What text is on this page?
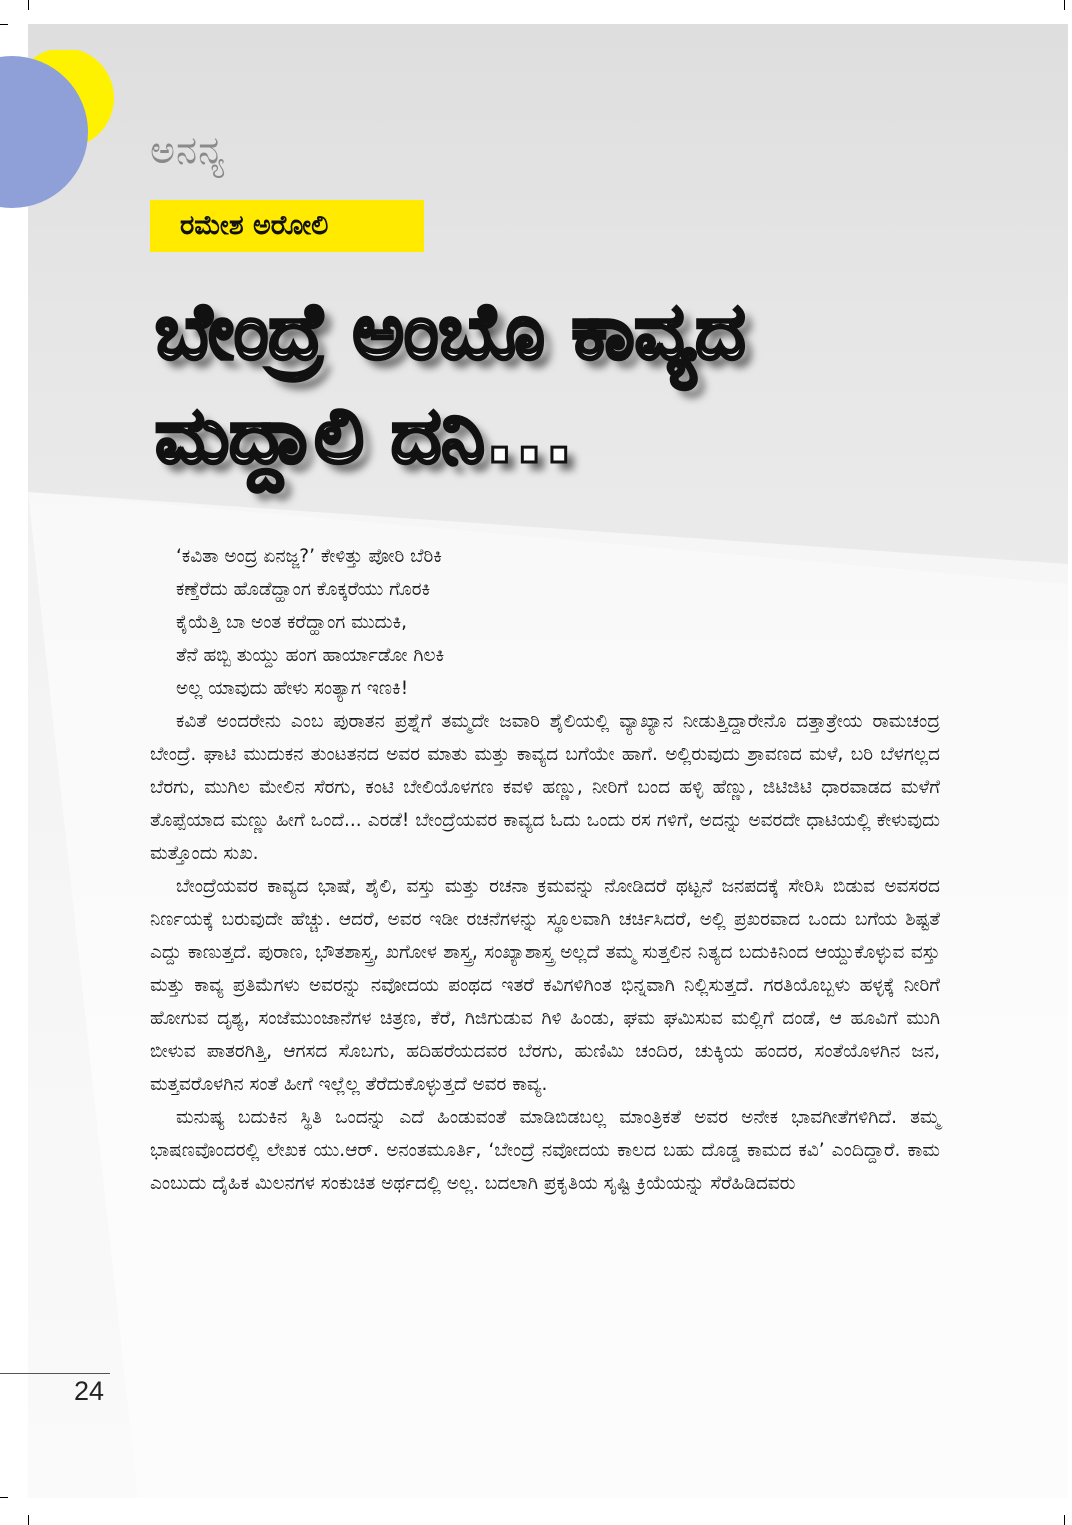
ಅನನ್ಯ
ರಮೇಶ ಅರೋಲಿ
ಬೇಂದ್ರೆ ಅಂಬೊ ಕಾವ್ಯದ
ಮದ್ದಾಲಿ ದನಿ...

‘ಕವಿತಾ ಅಂದ್ರ ಏನಜ್ಜ?’ ಕೇಳಿತ್ತು ಪೋರಿ ಬೆರಿಕಿ

ಕಣ್ತೆರೆದು ಹೊಡೆದ್ಹಾಂಗ ಕೊಕ್ಕರೆಯು ಗೊರಕಿ

ಕೈಯೆತ್ತಿ ಬಾ ಅಂತ ಕರೆದ್ಹಾಂಗ ಮುದುಕಿ,

ತೆನೆ ಹಬ್ಬಿ ತುಯ್ದು ಹಂಗ ಹಾರ್ಯಾಡೋ ಗಿಲಕಿ

ಅಲ್ಲ ಯಾವುದು ಹೇಳು ಸಂತ್ಯಾಗ ಇಣಕಿ!

ಕವಿತೆ ಅಂದರೇನು ಎಂಬ ಪುರಾತನ ಪ್ರಶ್ನೆಗೆ ತಮ್ಮದೇ ಜವಾರಿ ಶೈಲಿಯಲ್ಲಿ ವ್ಯಾಖ್ಯಾನ ನೀಡುತ್ತಿದ್ದಾರೇನೊ ದತ್ತಾತ್ರೇಯ ರಾಮಚಂದ್ರ ಬೇಂದ್ರೆ. ಘಾಟಿ ಮುದುಕನ ತುಂಟತನದ ಅವರ ಮಾತು ಮತ್ತು ಕಾವ್ಯದ ಬಗೆಯೇ ಹಾಗೆ. ಅಲ್ಲಿರುವುದು ಶ್ರಾವಣದ ಮಳೆ, ಬರಿ ಬೆಳಗಲ್ಲದ ಬೆರಗು, ಮುಗಿಲ ಮೇಲಿನ ಸೆರಗು, ಕಂಟಿ ಬೇಲಿಯೊಳಗಣ ಕವಳಿ ಹಣ್ಣು, ನೀರಿಗೆ ಬಂದ ಹಳ್ಳಿ ಹೆಣ್ಣು, ಜಿಟಿಜಿಟಿ ಧಾರವಾಡದ ಮಳೆಗೆ ತೊಪ್ಪೆಯಾದ ಮಣ್ಣು ಹೀಗೆ ಒಂದೆ... ಎರಡೆ! ಬೇಂದ್ರೆಯವರ ಕಾವ್ಯದ ಓದು ಒಂದು ರಸ ಗಳಿಗೆ, ಅದನ್ನು ಅವರದೇ ಧಾಟಿಯಲ್ಲಿ ಕೇಳುವುದು ಮತ್ತೊಂದು ಸುಖ.

ಬೇಂದ್ರೆಯವರ ಕಾವ್ಯದ ಭಾಷೆ, ಶೈಲಿ, ವಸ್ತು ಮತ್ತು ರಚನಾ ಕ್ರಮವನ್ನು ನೋಡಿದರೆ ಥಟ್ಟನೆ ಜನಪದಕ್ಕೆ ಸೇರಿಸಿ ಬಿಡುವ ಅವಸರದ ನಿರ್ಣಯಕ್ಕೆ ಬರುವುದೇ ಹೆಚ್ಚು. ಆದರೆ, ಅವರ ಇಡೀ ರಚನೆಗಳನ್ನು ಸ್ಥೂಲವಾಗಿ ಚರ್ಚಿಸಿದರೆ, ಅಲ್ಲಿ ಪ್ರಖರವಾದ ಒಂದು ಬಗೆಯ ಶಿಷ್ಟತೆ ಎದ್ದು ಕಾಣುತ್ತದೆ. ಪುರಾಣ, ಭೌತಶಾಸ್ತ್ರ, ಖಗೋಳ ಶಾಸ್ತ್ರ, ಸಂಖ್ಯಾಶಾಸ್ತ್ರ ಅಲ್ಲದೆ ತಮ್ಮ ಸುತ್ತಲಿನ ನಿತ್ಯದ ಬದುಕಿನಿಂದ ಆಯ್ದುಕೊಳ್ಳುವ ವಸ್ತು ಮತ್ತು ಕಾವ್ಯ ಪ್ರತಿಮೆಗಳು ಅವರನ್ನು ನವೋದಯ ಪಂಥದ ಇತರೆ ಕವಿಗಳಿಗಿಂತ ಭಿನ್ನವಾಗಿ ನಿಲ್ಲಿಸುತ್ತದೆ. ಗರತಿಯೊಬ್ಬಳು ಹಳ್ಳಕ್ಕೆ ನೀರಿಗೆ ಹೋಗುವ ದೃಶ್ಯ, ಸಂಜೆಮುಂಜಾನೆಗಳ ಚಿತ್ರಣ, ಕೆರೆ, ಗಿಜಿಗುಡುವ ಗಿಳಿ ಹಿಂಡು, ಘಮ ಘಮಿಸುವ ಮಲ್ಲಿಗೆ ದಂಡೆ, ಆ ಹೂವಿಗೆ ಮುಗಿ ಬೀಳುವ ಪಾತರಗಿತ್ತಿ, ಆಗಸದ ಸೊಬಗು, ಹದಿಹರೆಯದವರ ಬೆರಗು, ಹುಣಿಮಿ ಚಂದಿರ, ಚುಕ್ಕಿಯ ಹಂದರ, ಸಂತೆಯೊಳಗಿನ ಜನ, ಮತ್ತವರೊಳಗಿನ ಸಂತೆ ಹೀಗೆ ಇಲ್ಲೆಲ್ಲ ತೆರೆದುಕೊಳ್ಳುತ್ತದೆ ಅವರ ಕಾವ್ಯ.

ಮನುಷ್ಯ ಬದುಕಿನ ಸ್ಥಿತಿ ಒಂದನ್ನು ಎದೆ ಹಿಂಡುವಂತೆ ಮಾಡಿಬಿಡಬಲ್ಲ ಮಾಂತ್ರಿಕತೆ ಅವರ ಅನೇಕ ಭಾವಗೀತೆಗಳಿಗಿದೆ. ತಮ್ಮ ಭಾಷಣವೊಂದರಲ್ಲಿ ಲೇಖಕ ಯು.ಆರ್. ಅನಂತಮೂರ್ತಿ, ‘ಬೇಂದ್ರೆ ನವೋದಯ ಕಾಲದ ಬಹು ದೊಡ್ಡ ಕಾಮದ ಕವಿ’ ಎಂದಿದ್ದಾರೆ. ಕಾಮ ಎಂಬುದು ದೈಹಿಕ ಮಿಲನಗಳ ಸಂಕುಚಿತ ಅರ್ಥದಲ್ಲಿ ಅಲ್ಲ. ಬದಲಾಗಿ ಪ್ರಕೃತಿಯ ಸೃಷ್ಟಿ ಕ್ರಿಯೆಯನ್ನು ಸೆರೆಹಿಡಿದವರು

24
